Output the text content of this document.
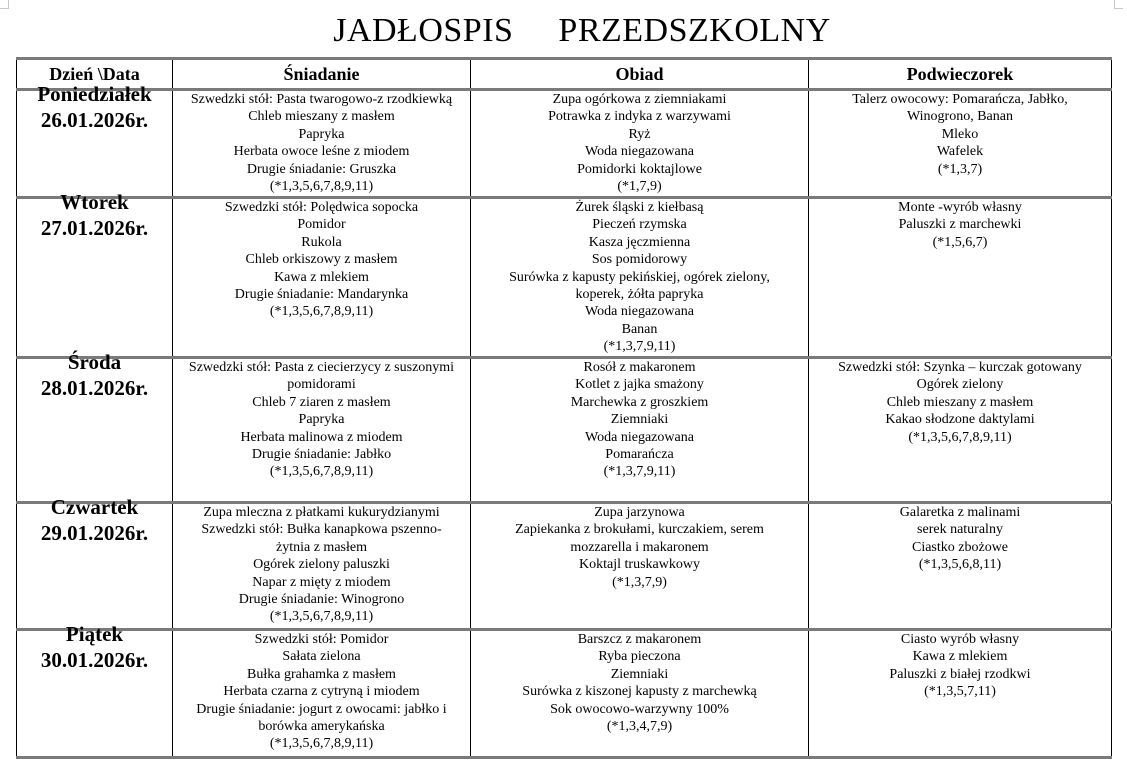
JADŁOSPIS     PRZEDSZKOLNY
Dzień \Data	Śniadanie	Obiad	Podwieczorek

Poniedziałek
26.01.2026r.

Szwedzki stół: Pasta twarogowo-z rzodkiewką
Chleb mieszany z masłem
Papryka
Herbata owoce leśne z miodem
Drugie śniadanie: Gruszka
(*1,3,5,6,7,8,9,11)

Zupa ogórkowa z ziemniakami
Potrawka z indyka z warzywami
Ryż
Woda niegazowana
Pomidorki koktajlowe
(*1,7,9)

Talerz owocowy: Pomarańcza, Jabłko,
Winogrono, Banan
Mleko
Wafelek
(*1,3,7)

Wtorek
27.01.2026r.

Szwedzki stół: Polędwica sopocka
Pomidor
Rukola
Chleb orkiszowy z masłem
Kawa z mlekiem
Drugie śniadanie: Mandarynka
(*1,3,5,6,7,8,9,11)

Żurek śląski z kiełbasą
Pieczeń rzymska
Kasza jęczmienna
Sos pomidorowy
Surówka z kapusty pekińskiej, ogórek zielony,
koperek, żółta papryka
Woda niegazowana
Banan
(*1,3,7,9,11)

Monte -wyrób własny
Paluszki z marchewki
(*1,5,6,7)

Środa
28.01.2026r.

Szwedzki stół: Pasta z ciecierzycy z suszonymi
pomidorami
Chleb 7 ziaren z masłem
Papryka
Herbata malinowa z miodem
Drugie śniadanie: Jabłko
(*1,3,5,6,7,8,9,11)

Rosół z makaronem
Kotlet z jajka smażony
Marchewka z groszkiem
Ziemniaki
Woda niegazowana
Pomarańcza
(*1,3,7,9,11)

Szwedzki stół: Szynka – kurczak gotowany
Ogórek zielony
Chleb mieszany z masłem
Kakao słodzone daktylami
(*1,3,5,6,7,8,9,11)

Czwartek
29.01.2026r.

Zupa mleczna z płatkami kukurydzianymi
Szwedzki stół: Bułka kanapkowa pszenno-
żytnia z masłem
Ogórek zielony paluszki
Napar z mięty z miodem
Drugie śniadanie: Winogrono
(*1,3,5,6,7,8,9,11)

Zupa jarzynowa
Zapiekanka z brokułami, kurczakiem, serem
mozzarella i makaronem
Koktajl truskawkowy
(*1,3,7,9)

Galaretka z malinami
serek naturalny
Ciastko zbożowe
(*1,3,5,6,8,11)

Piątek
30.01.2026r.

Szwedzki stół: Pomidor
Sałata zielona
Bułka grahamka z masłem
Herbata czarna z cytryną i miodem
Drugie śniadanie: jogurt z owocami: jabłko i
borówka amerykańska
(*1,3,5,6,7,8,9,11)

Barszcz z makaronem
Ryba pieczona
Ziemniaki
Surówka z kiszonej kapusty z marchewką
Sok owocowo-warzywny 100%
(*1,3,4,7,9)

Ciasto wyrób własny
Kawa z mlekiem
Paluszki z białej rzodkwi
(*1,3,5,7,11)
